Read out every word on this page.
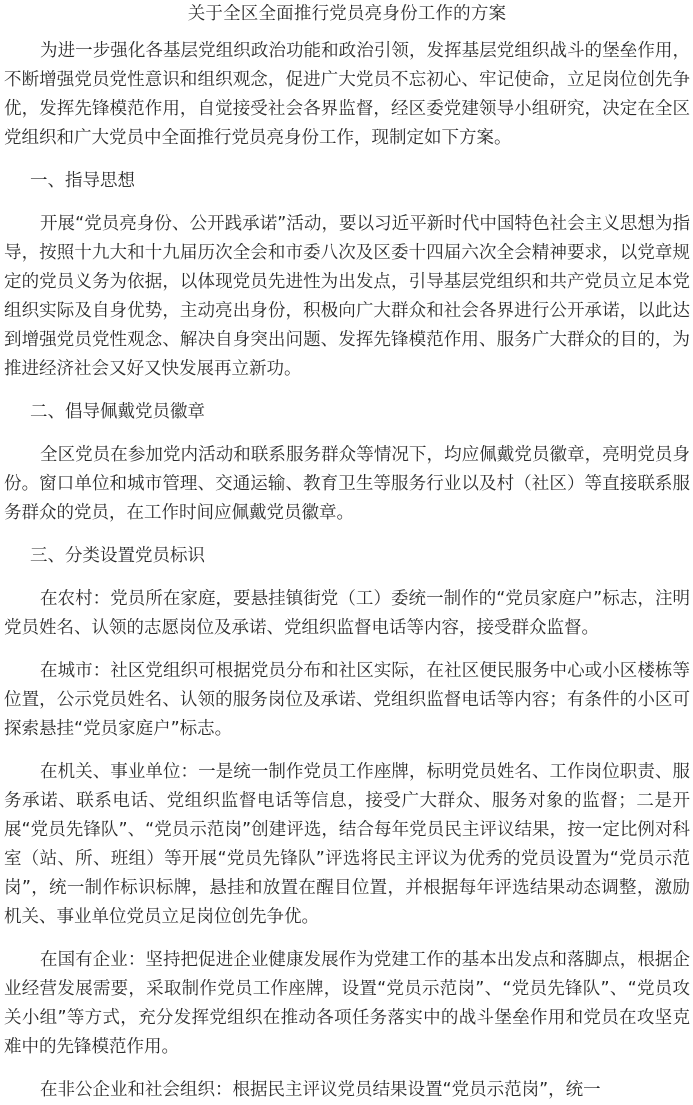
关于全区全面推行党员亮身份工作的方案

为进一步强化各基层党组织政治功能和政治引领，发挥基层党组织战斗的堡垒作用，不断增强党员党性意识和组织观念，促进广大党员不忘初心、牢记使命，立足岗位创先争优，发挥先锋模范作用，自觉接受社会各界监督，经区委党建领导小组研究，决定在全区党组织和广大党员中全面推行党员亮身份工作，现制定如下方案。

一、指导思想

开展“党员亮身份、公开践承诺”活动，要以习近平新时代中国特色社会主义思想为指导，按照十九大和十九届历次全会和市委八次及区委十四届六次全会精神要求，以党章规定的党员义务为依据，以体现党员先进性为出发点，引导基层党组织和共产党员立足本党组织实际及自身优势，主动亮出身份，积极向广大群众和社会各界进行公开承诺，以此达到增强党员党性观念、解决自身突出问题、发挥先锋模范作用、服务广大群众的目的，为推进经济社会又好又快发展再立新功。

二、倡导佩戴党员徽章

全区党员在参加党内活动和联系服务群众等情况下，均应佩戴党员徽章，亮明党员身份。窗口单位和城市管理、交通运输、教育卫生等服务行业以及村（社区）等直接联系服务群众的党员，在工作时间应佩戴党员徽章。

三、分类设置党员标识

在农村：党员所在家庭，要悬挂镇街党（工）委统一制作的“党员家庭户”标志，注明党员姓名、认领的志愿岗位及承诺、党组织监督电话等内容，接受群众监督。

在城市：社区党组织可根据党员分布和社区实际，在社区便民服务中心或小区楼栋等位置，公示党员姓名、认领的服务岗位及承诺、党组织监督电话等内容；有条件的小区可探索悬挂“党员家庭户”标志。

在机关、事业单位：一是统一制作党员工作座牌，标明党员姓名、工作岗位职责、服务承诺、联系电话、党组织监督电话等信息，接受广大群众、服务对象的监督；二是开展“党员先锋队”、“党员示范岗”创建评选，结合每年党员民主评议结果，按一定比例对科室（站、所、班组）等开展“党员先锋队”评选将民主评议为优秀的党员设置为“党员示范岗”，统一制作标识标牌，悬挂和放置在醒目位置，并根据每年评选结果动态调整，激励机关、事业单位党员立足岗位创先争优。

在国有企业：坚持把促进企业健康发展作为党建工作的基本出发点和落脚点，根据企业经营发展需要，采取制作党员工作座牌，设置“党员示范岗”、“党员先锋队”、“党员攻关小组”等方式，充分发挥党组织在推动各项任务落实中的战斗堡垒作用和党员在攻坚克难中的先锋模范作用。

在非公企业和社会组织：根据民主评议党员结果设置“党员示范岗”，统一
